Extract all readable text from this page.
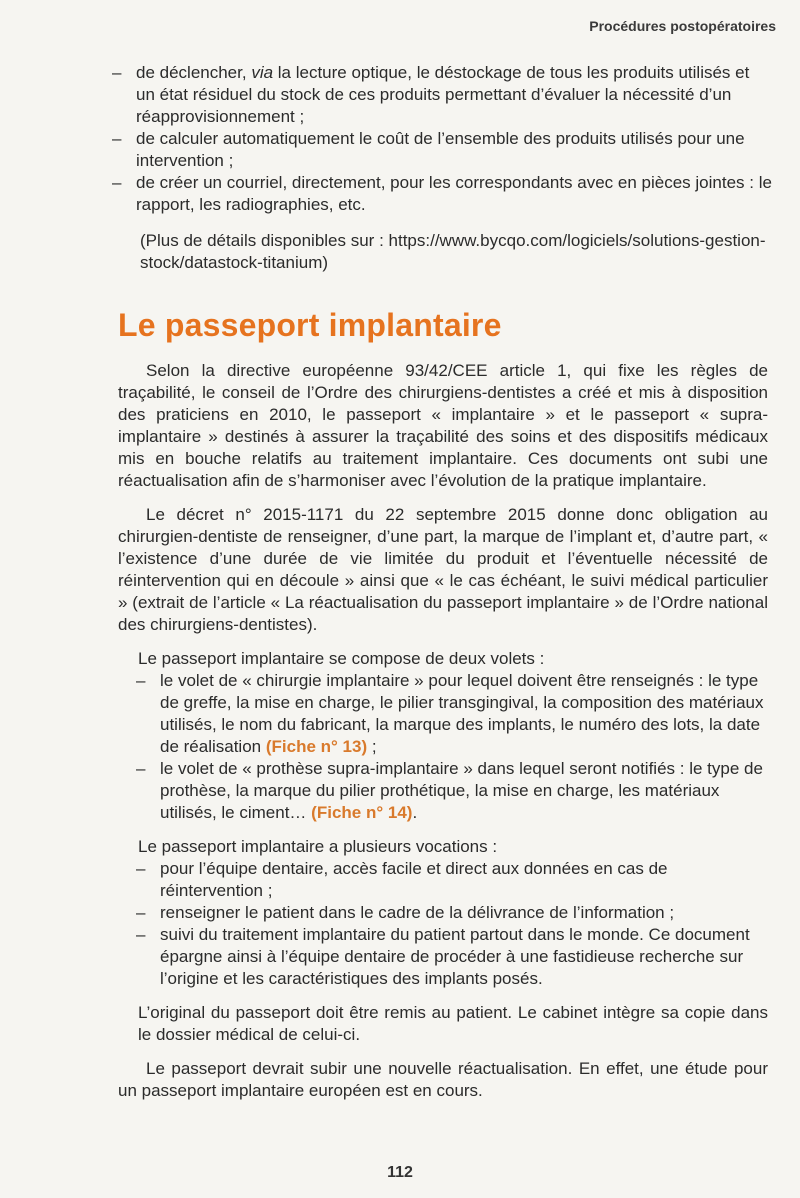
Procédures postopératoires
– de déclencher, via la lecture optique, le déstockage de tous les produits utilisés et un état résiduel du stock de ces produits permettant d’évaluer la nécessité d’un réapprovisionnement ;
– de calculer automatiquement le coût de l’ensemble des produits utilisés pour une intervention ;
– de créer un courriel, directement, pour les correspondants avec en pièces jointes : le rapport, les radiographies, etc.
(Plus de détails disponibles sur : https://www.bycqo.com/logiciels/solutions-gestion-stock/datastock-titanium)
Le passeport implantaire

Selon la directive européenne 93/42/CEE article 1, qui fixe les règles de traçabilité, le conseil de l’Ordre des chirurgiens-dentistes a créé et mis à disposition des praticiens en 2010, le passeport « implantaire » et le passeport « supra-implantaire » destinés à assurer la traçabilité des soins et des dispositifs médicaux mis en bouche relatifs au traitement implantaire. Ces documents ont subi une réactualisation afin de s’harmoniser avec l’évolution de la pratique implantaire.

Le décret n° 2015-1171 du 22 septembre 2015 donne donc obligation au chirurgien-dentiste de renseigner, d’une part, la marque de l’implant et, d’autre part, « l’existence d’une durée de vie limitée du produit et l’éventuelle nécessité de réintervention qui en découle » ainsi que « le cas échéant, le suivi médical particulier » (extrait de l’article « La réactualisation du passeport implantaire » de l’Ordre national des chirurgiens-dentistes).

Le passeport implantaire se compose de deux volets :

– le volet de « chirurgie implantaire » pour lequel doivent être renseignés : le type de greffe, la mise en charge, le pilier transgingival, la composition des matériaux utilisés, le nom du fabricant, la marque des implants, le numéro des lots, la date de réalisation (Fiche n° 13) ;
– le volet de « prothèse supra-implantaire » dans lequel seront notifiés : le type de prothèse, la marque du pilier prothétique, la mise en charge, les matériaux utilisés, le ciment… (Fiche n° 14).

Le passeport implantaire a plusieurs vocations :

– pour l’équipe dentaire, accès facile et direct aux données en cas de réintervention ;
– renseigner le patient dans le cadre de la délivrance de l’information ;
– suivi du traitement implantaire du patient partout dans le monde. Ce document épargne ainsi à l’équipe dentaire de procéder à une fastidieuse recherche sur l’origine et les caractéristiques des implants posés.

L’original du passeport doit être remis au patient. Le cabinet intègre sa copie dans le dossier médical de celui-ci.

Le passeport devrait subir une nouvelle réactualisation. En effet, une étude pour un passeport implantaire européen est en cours.

112
